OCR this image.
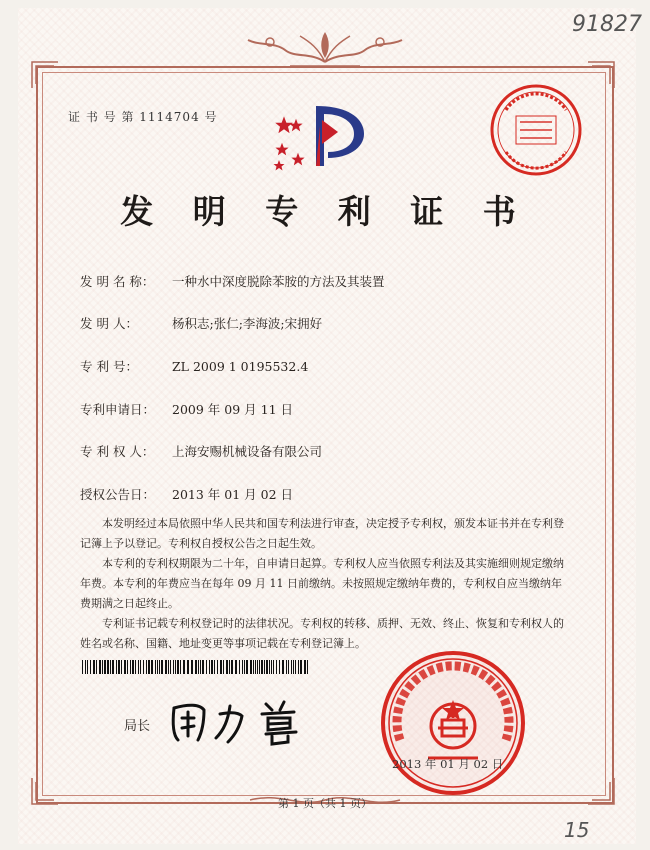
91827
15
证 书 号 第 1114704 号
发 明 专 利 证 书
发 明 名 称： 一种水中深度脱除苯胺的方法及其装置
发 明 人：	杨积志;张仁;李海波;宋拥好
专 利 号：	ZL 2009 1 0195532.4
专利申请日： 2009 年 09 月 11 日
专 利 权 人： 上海安赐机械设备有限公司
授权公告日： 2013 年 01 月 02 日

本发明经过本局依照中华人民共和国专利法进行审查，决定授予专利权，颁发本证书并在专利登记簿上予以登记。专利权自授权公告之日起生效。

本专利的专利权期限为二十年，自申请日起算。专利权人应当依照专利法及其实施细则规定缴纳年费。本专利的年费应当在每年 09 月 11 日前缴纳。未按照规定缴纳年费的，专利权自应当缴纳年费期满之日起终止。

专利证书记载专利权登记时的法律状况。专利权的转移、质押、无效、终止、恢复和专利权人的姓名或名称、国籍、地址变更等事项记载在专利登记簿上。

局长
2013 年 01 月 02 日
第 1 页（共 1 页）
